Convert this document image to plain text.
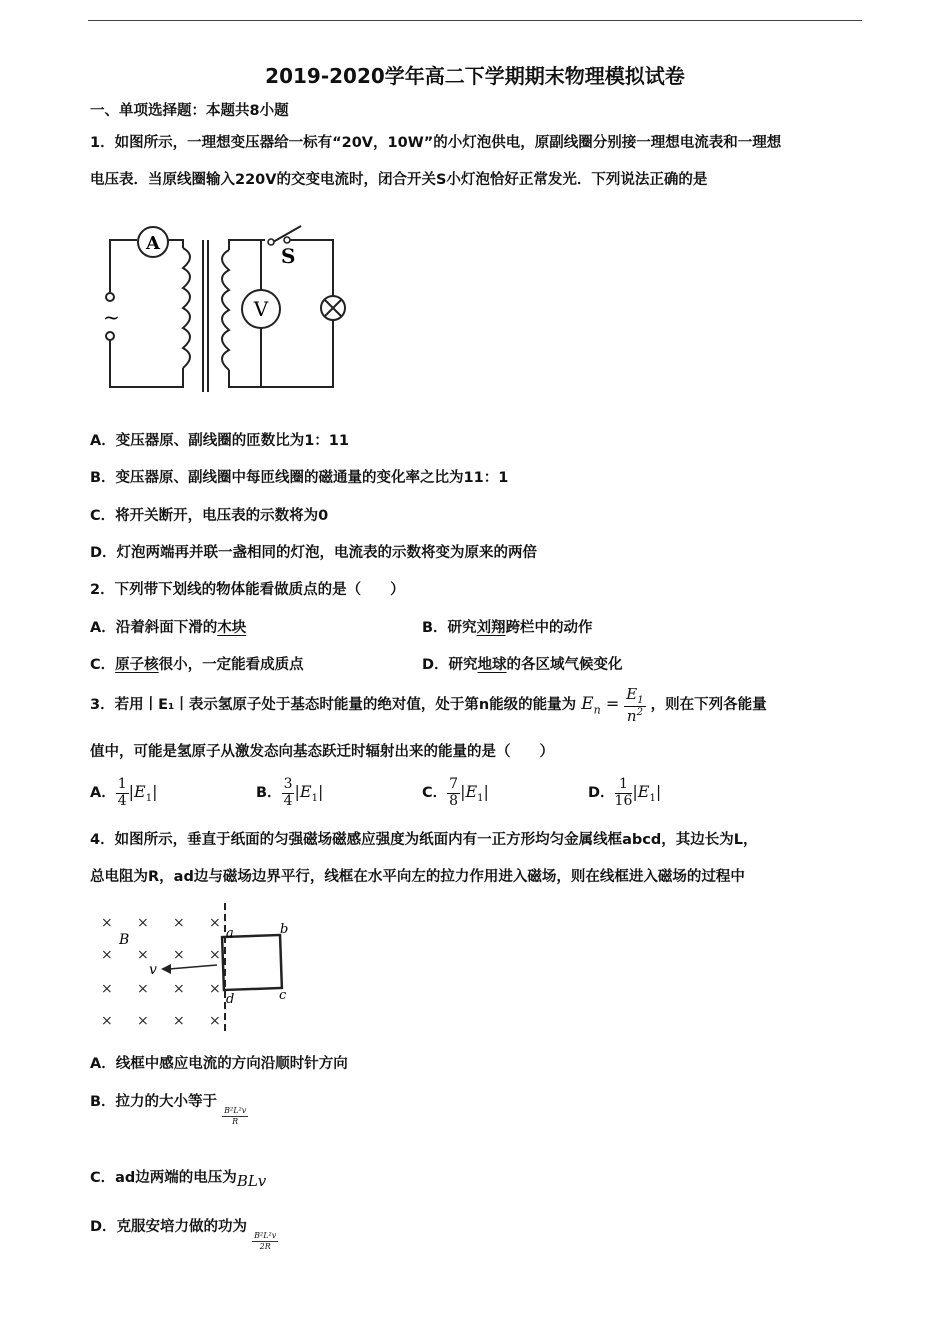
2019-2020学年高二下学期期末物理模拟试卷
一、单项选择题：本题共8小题
1．如图所示，一理想变压器给一标有“20V，10W”的小灯泡供电，原副线圈分别接一理想电流表和一理想
电压表．当原线圈输入220V的交变电流时，闭合开关S小灯泡恰好正常发光．下列说法正确的是
A
V
S
~
A．变压器原、副线圈的匝数比为1：11
B．变压器原、副线圈中每匝线圈的磁通量的变化率之比为11：1
C．将开关断开，电压表的示数将为0
D．灯泡两端再并联一盏相同的灯泡，电流表的示数将变为原来的两倍
2．下列带下划线的物体能看做质点的是（　　）
A．沿着斜面下滑的木块	B．研究刘翔跨栏中的动作
C．原子核很小，一定能看成质点	D．研究地球的各区域气候变化
3．若用丨E₁丨表示氢原子处于基态时能量的绝对值，处于第n能级的能量为 $E_n = \frac{E_1}{n^2}$ ，则在下列各能量
值中，可能是氢原子从激发态向基态跃迁时辐射出来的能量的是（　　）
A． $\frac{1}{4} |E_1|$	B． $\frac{3}{4} |E_1|$	C． $\frac{7}{8} |E_1|$	D． $\frac{1}{16} |E_1|$
4．如图所示，垂直于纸面的匀强磁场磁感应强度为纸面内有一正方形均匀金属线框abcd，其边长为L，
总电阻为R，ad边与磁场边界平行，线框在水平向左的拉力作用进入磁场，则在线框进入磁场的过程中
× × × ×
× × × ×
× × × ×
× × × ×
v
B	a	b
c
d
A．线框中感应电流的方向沿顺时针方向
B．拉力的大小等于
$\frac{\text{B²L²v}}{R}$
C．ad边两端的电压为BLv
D．克服安培力做的功为
$\frac{\text{B²L²v}}{2R}$
